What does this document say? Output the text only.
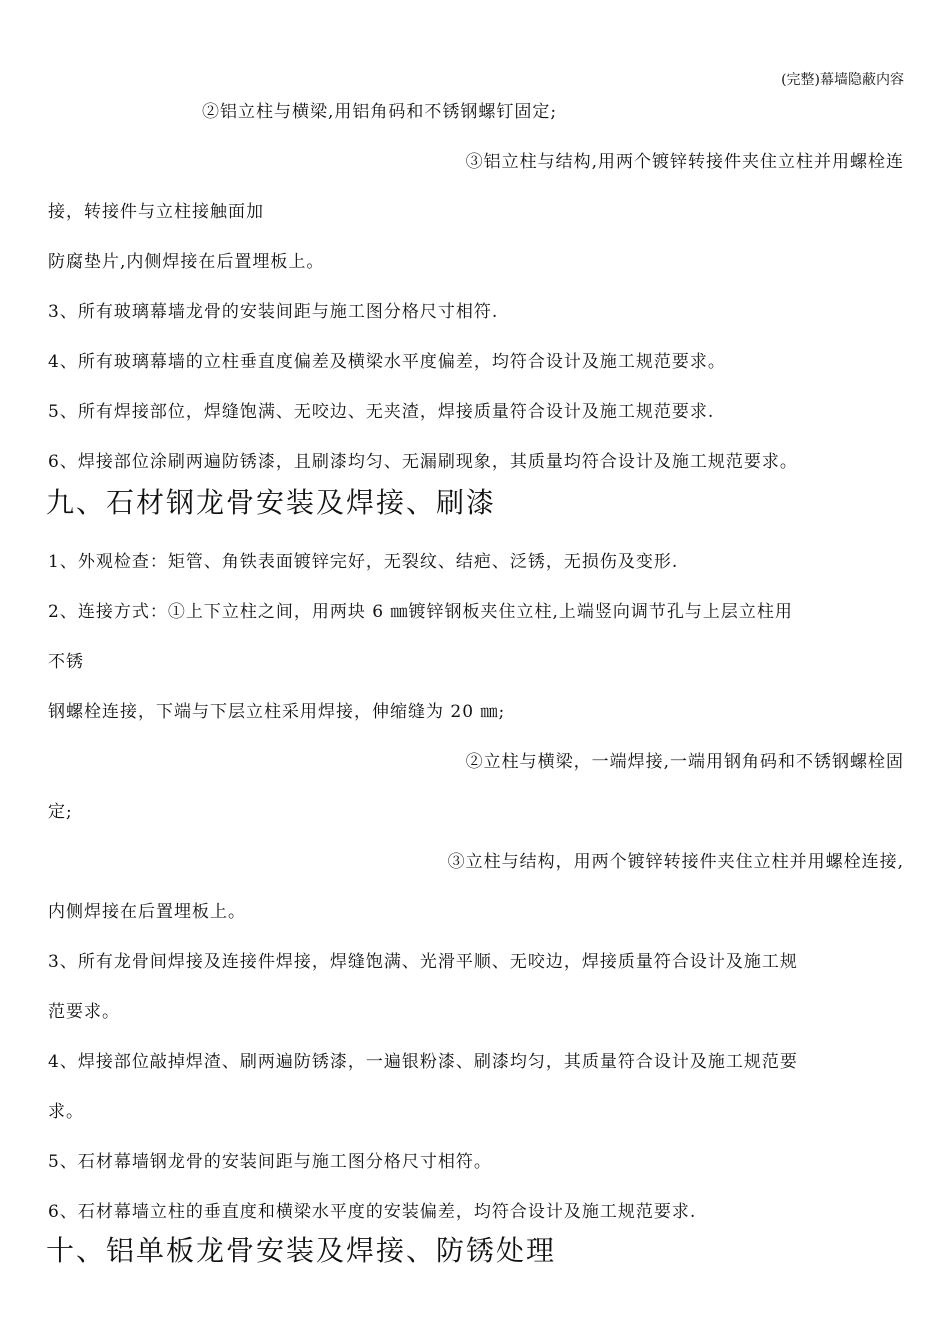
(完整)幕墙隐蔽内容
②铝立柱与横梁,用铝角码和不锈钢螺钉固定;
③铝立柱与结构,用两个镀锌转接件夹住立柱并用螺栓连
接，转接件与立柱接触面加
防腐垫片,内侧焊接在后置埋板上。
3、所有玻璃幕墙龙骨的安装间距与施工图分格尺寸相符.
4、所有玻璃幕墙的立柱垂直度偏差及横梁水平度偏差，均符合设计及施工规范要求。
5、所有焊接部位，焊缝饱满、无咬边、无夹渣，焊接质量符合设计及施工规范要求.
6、焊接部位涂刷两遍防锈漆，且刷漆均匀、无漏刷现象，其质量均符合设计及施工规范要求。
九、石材钢龙骨安装及焊接、刷漆
1、外观检查：矩管、角铁表面镀锌完好，无裂纹、结疤、泛锈，无损伤及变形.
2、连接方式：①上下立柱之间，用两块 6 ㎜镀锌钢板夹住立柱,上端竖向调节孔与上层立柱用
不锈
钢螺栓连接，下端与下层立柱采用焊接，伸缩缝为 20 ㎜;
②立柱与横梁，一端焊接,一端用钢角码和不锈钢螺栓固
定;
③立柱与结构，用两个镀锌转接件夹住立柱并用螺栓连接,
内侧焊接在后置埋板上。
3、所有龙骨间焊接及连接件焊接，焊缝饱满、光滑平顺、无咬边，焊接质量符合设计及施工规
范要求。
4、焊接部位敲掉焊渣、刷两遍防锈漆，一遍银粉漆、刷漆均匀，其质量符合设计及施工规范要
求。
5、石材幕墙钢龙骨的安装间距与施工图分格尺寸相符。
6、石材幕墙立柱的垂直度和横梁水平度的安装偏差，均符合设计及施工规范要求.
十、铝单板龙骨安装及焊接、防锈处理
